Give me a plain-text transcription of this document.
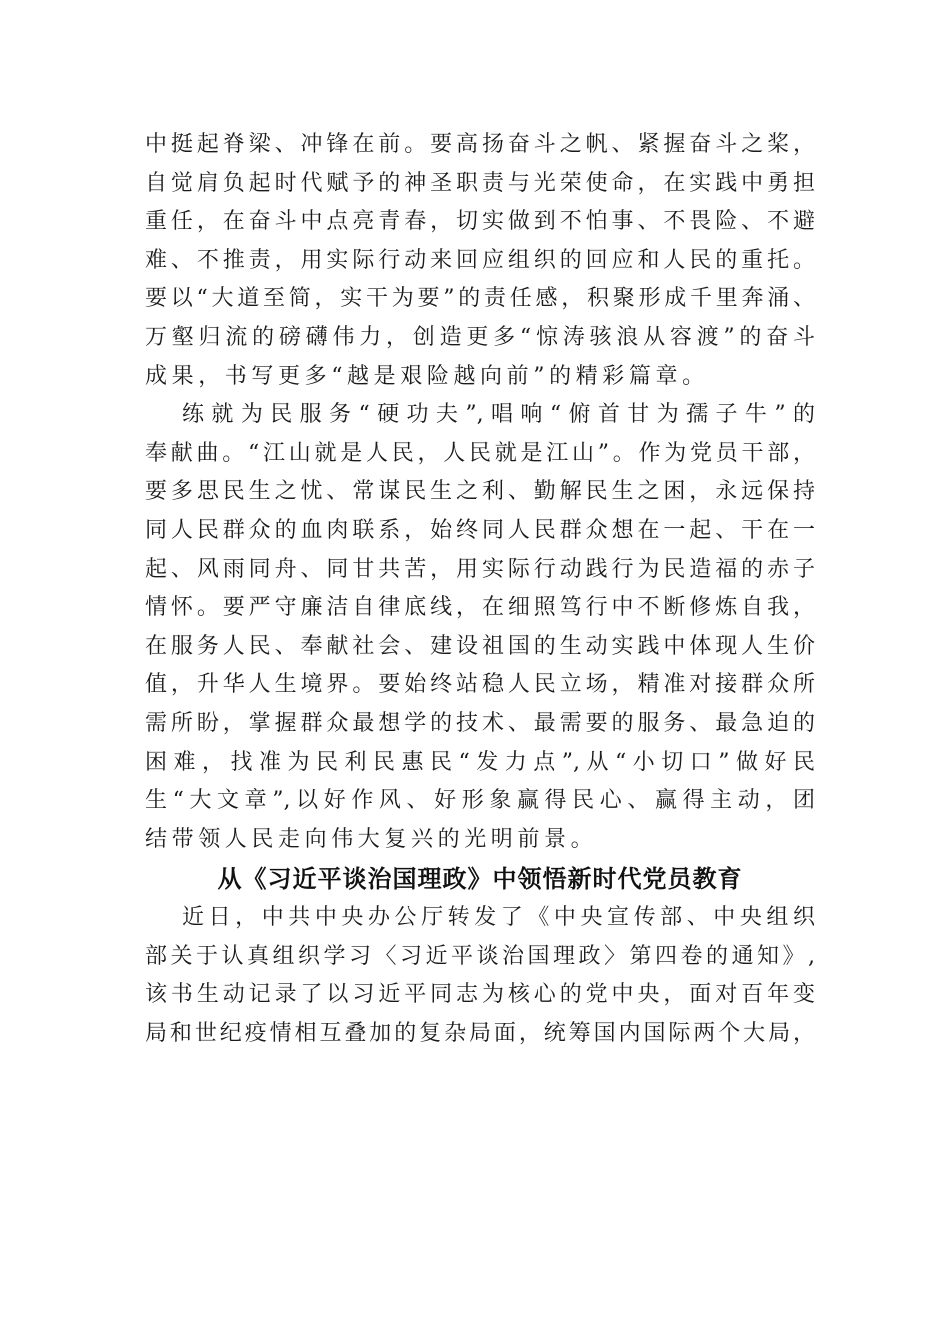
中挺起脊梁、冲锋在前。要高扬奋斗之帆、紧握奋斗之桨，
自觉肩负起时代赋予的神圣职责与光荣使命，在实践中勇担
重任，在奋斗中点亮青春，切实做到不怕事、不畏险、不避
难、不推责，用实际行动来回应组织的回应和人民的重托。
要以“大道至简，实干为要”的责任感，积聚形成千里奔涌、
万壑归流的磅礴伟力，创造更多“惊涛骇浪从容渡”的奋斗
成果，书写更多“越是艰险越向前”的精彩篇章。
练就为民服务“硬功夫”,唱响“俯首甘为孺子牛”的
奉献曲。“江山就是人民，人民就是江山”。作为党员干部，
要多思民生之忧、常谋民生之利、勤解民生之困，永远保持
同人民群众的血肉联系，始终同人民群众想在一起、干在一
起、风雨同舟、同甘共苦，用实际行动践行为民造福的赤子
情怀。要严守廉洁自律底线，在细照笃行中不断修炼自我，
在服务人民、奉献社会、建设祖国的生动实践中体现人生价
值，升华人生境界。要始终站稳人民立场，精准对接群众所
需所盼，掌握群众最想学的技术、最需要的服务、最急迫的
困难，找准为民利民惠民“发力点”,从“小切口”做好民
生“大文章”,以好作风、好形象赢得民心、赢得主动，团
结带领人民走向伟大复兴的光明前景。
从《习近平谈治国理政》中领悟新时代党员教育
近日，中共中央办公厅转发了《中央宣传部、中央组织
部关于认真组织学习〈习近平谈治国理政〉第四卷的通知》,
该书生动记录了以习近平同志为核心的党中央，面对百年变
局和世纪疫情相互叠加的复杂局面，统筹国内国际两个大局，
